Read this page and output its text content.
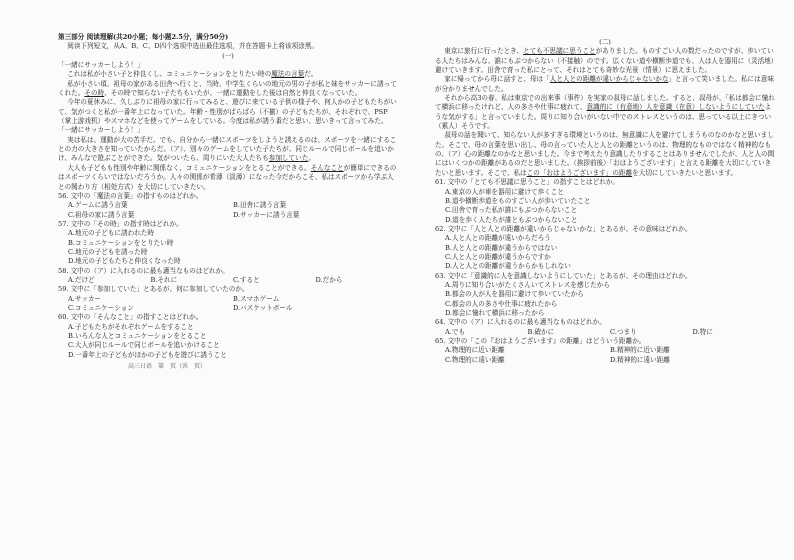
第三部分 阅读理解(共20小题；每小题2.5分，满分50分)

阅读下列短文，从A、B、C、D四个选项中选出最佳选项，并在答题卡上将该项涂黑。

(一)

「一緒にサッカーしよう！」

これは私が小さい子と仲良くし、コミュニケーションをとりたい時の魔法の言葉だ。

私が小さい頃、祖母の家がある田舎へ行くと、当時、中学生くらいの地元の男の子が私と妹をサッカーに誘ってくれた。その時、その時で知らない子たちもいたが、一緒に運動をした後は自然と仲良くなっていた。

今年の夏休みに、久しぶりに祖母の家に行ってみると、遊びに来ている子供の様子や、何人かの子どもたちがいて、気がつくと私が一番年上になっていた。年齢・性別がばらばら（不揃）の子どもたちが、それぞれで、PSP（掌上游戏机）やスマホなどを使ってゲームをしている。今度は私が誘う番だと思い、思いきって言ってみた。

「一緒にサッカーしよう！」

実は私は、運動が大の苦手だ。でも、自分から一緒にスポーツをしようと誘えるのは、スポーツを一緒にすることの力の大きさを知っていたからだ。（ア）、別々のゲームをしていた子たちが、同じルールで同じボールを追いかけ、みんなで遊ぶことができた。気がついたら、周りにいた大人たちも参加していた。

大人も子どもも性別や年齢に関係なく、コミュニケーションをとることができる。そんなことが簡単にできるのはスポーツくらいではないだろうか。人々の関係が希薄（淡薄）になった今だからこそ、私はスポーツから学ぶ人との関わり方（相处方式）を大切にしていきたい。

56. 文中の「魔法の言葉」の指すものはどれか。

A.ゲームに誘う言葉	B.田舎に誘う言葉
C.祖母の家に誘う言葉	D.サッカーに誘う言葉

57. 文中の「その時」の指す時はどれか。

A.地元の子どもに誘われた時

B.コミュニケーションをとりたい時

C.地元の子どもを誘った時

D.地元の子どもたちと仲良くなった時

58. 文中の（ア）に入れるのに最も適当なものはどれか。

A.だけど	B.それに	C.すると	D.だから

59. 文中に「参加していた」とあるが、何に参加していたのか。

A.サッカー	B.スマホゲーム
C.コミュニケーション	D.バスケットボール

60. 文中の「そんなこと」の指すことはどれか。

A.子どもたちがそれぞれゲームをすること

B.いろんな人とコミュニケーションをとること

C.大人が同じルールで同じボールを追いかけること

D.一番年上の子どもがほかの子どもを遊びに誘うこと

高三日语　第　页（共　页）

(二)

東京に旅行に行ったとき、とても不思議に思うことがありました。ものすごい人の数だったのですが、歩いている人たちはみんな、誰にもぶつからない（不接触）のです。広くない道や横断歩道でも、人は人を器用に（灵活地）避けていきます。田舎で育った私にとって、それはとても奇妙な光景（情景）に思えました。

家に帰ってから母に話すと、母は「人と人との距離が違いからじゃないかな」と言って笑いました。私には意味が分かりませんでした。

それから高3の春、私は東京での出来事（事件）を実家の叔母に話しました。すると、叔母が、「私は都会に憧れて横浜に移ったけれど、人の多さや仕事に疲れて、意識的に（有意地）人を意識（在意）しないようにしていたような気がする」と言っていました。周りに知り合いがいない中でのストレスというのは、思っている以上にきつい（累人）そうです。

叔母の話を聞いて、知らない人が多すぎる環境というのは、無意識に人を避けてしまうものなのかなと思いました。そこで、母の言葉を思い出し、母の言っていた人と人との距離というのは、物理的なものではなく精神的なもの、（ア）心の距離なのかなと思いました。今まで考えたり意識したりすることはありませんでしたが、人と人の間にはいくつかの距離があるのだと思いました。（挨拶前後）「おはようございます」と言える距離を大切にしていきたいと思います。そこで、私はこの「おはようございます」の距離を大切にしていきたいと思います。

61. 文中の「とても不思議に思うこと」の指すことはどれか。

A.東京の人が車を器用に避けて歩くこと

B.道や横断歩道をものすごい人が歩いていたこと

C.田舎で育った私が誰にもぶつからないこと

D.道を歩く人たちが誰ともぶつからないこと

62. 文中に「人と人との距離が違いからじゃないかな」とあるが、その意味はどれか。

A.人と人との距離が遠いからだろう

B.人と人との距離が違うからではない

C.人と人との距離が違うからですか

D.人と人との距離が違うからかもしれない

63. 文中に「意識的に人を意識しないようにしていた」とあるが、その理由はどれか。

A.周りに知り合いがたくさんいてストレスを感じたから

B.都会の人が人を器用に避けて歩いていたから

C.都会の人の多さや仕事に疲れたから

D.都会に憧れて横浜に移ったから

64. 文中の（ア）に入れるのに最も適当なものはどれか。

A.でも	B.確かに	C.つまり	D.特に

65. 文中の「この『おはようございます』の距離」はどういう距離か。

A.物理的に近い距離	B.精神的に近い距離
C.物理的に遠い距離	D.精神的に遠い距離
